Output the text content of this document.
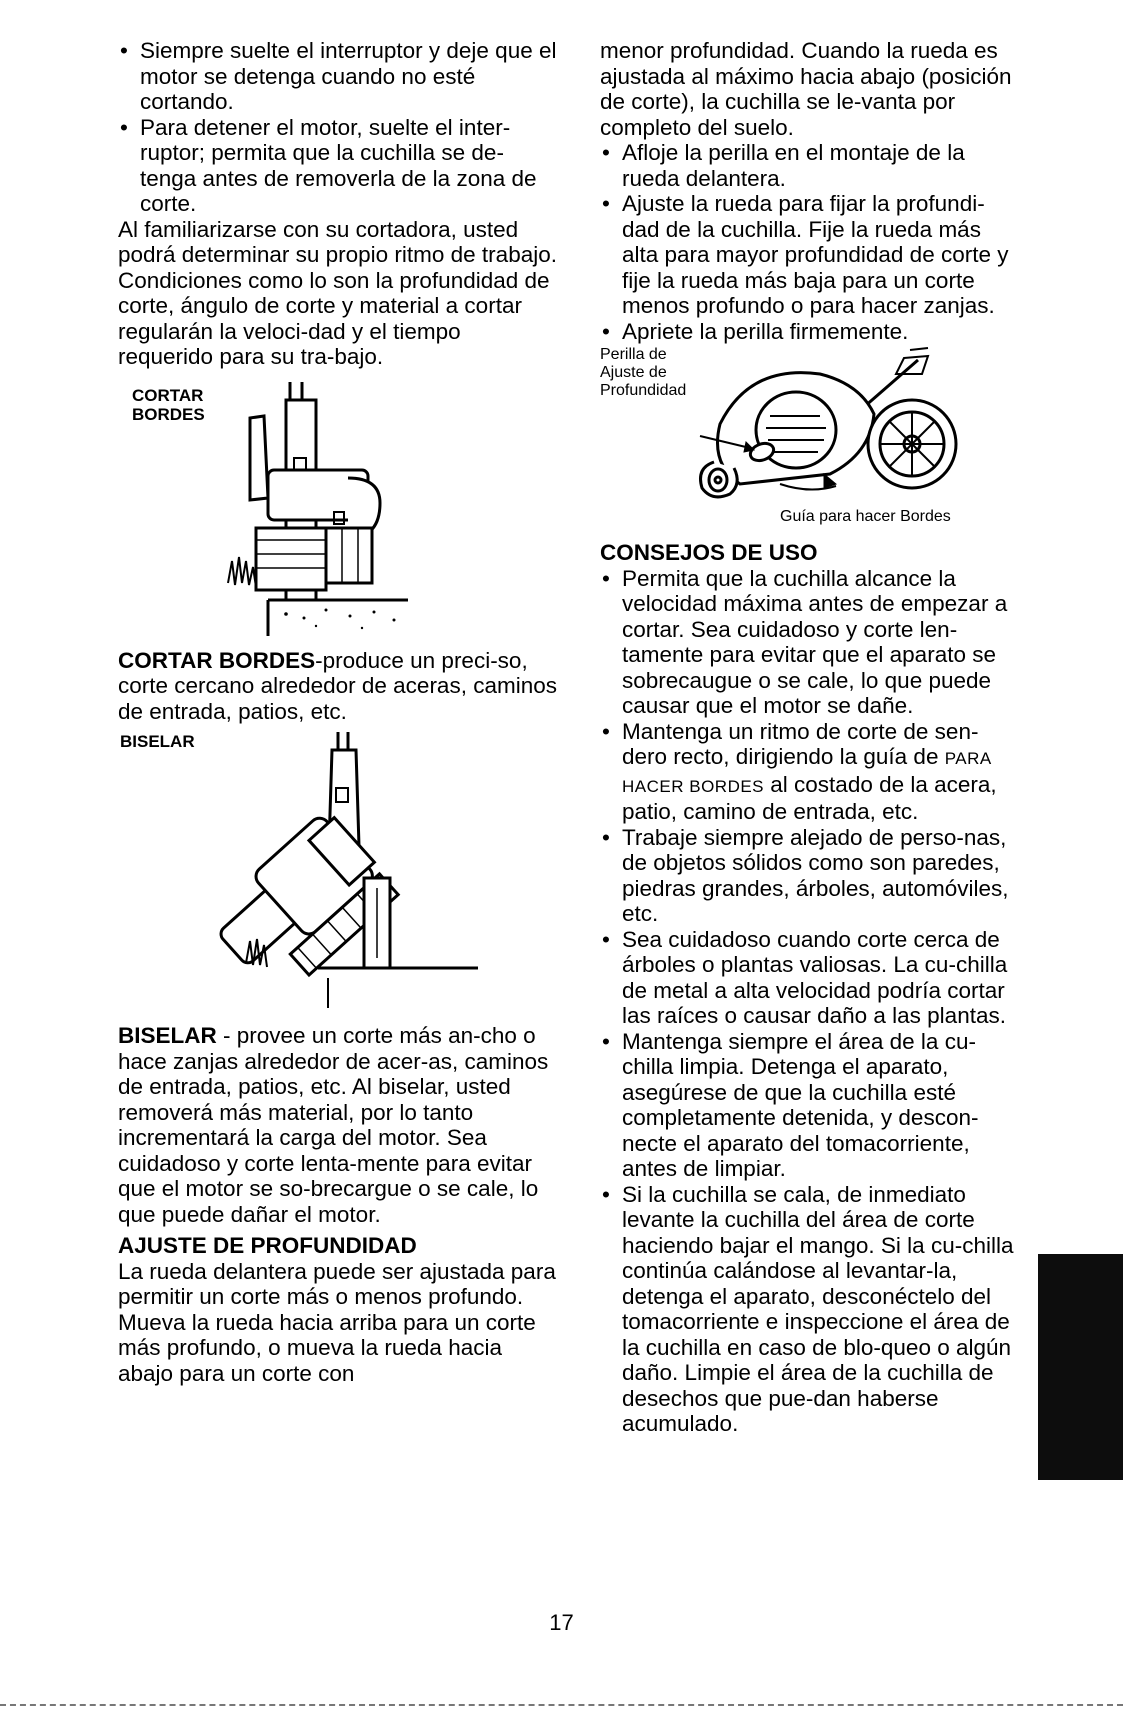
• Siempre suelte el interruptor y deje que el motor se detenga cuando no esté cortando.
• Para detener el motor, suelte el inter-ruptor; permita que la cuchilla se de-tenga antes de removerla de la zona de corte.

Al familiarizarse con su cortadora, usted podrá determinar su propio ritmo de trabajo. Condiciones como lo son la profundidad de corte, ángulo de corte y material a cortar regularán la veloci-dad y el tiempo requerido para su tra-bajo.

CORTAR
BORDES

CORTAR BORDES-produce un preci-so, corte cercano alrededor de aceras, caminos de entrada, patios, etc.

BISELAR

BISELAR - provee un corte más an-cho o hace zanjas alrededor de acer-as, caminos de entrada, patios, etc. Al biselar, usted removerá más material, por lo tanto incrementará la carga del motor. Sea cuidadoso y corte lenta-mente para evitar que el motor se so-brecargue o se cale, lo que puede dañar el motor.

AJUSTE DE PROFUNDIDAD

La rueda delantera puede ser ajustada para permitir un corte más o menos profundo. Mueva la rueda hacia arriba para un corte más profundo, o mueva la rueda hacia abajo para un corte con

menor profundidad. Cuando la rueda es ajustada al máximo hacia abajo (posición de corte), la cuchilla se le-vanta por completo del suelo.

• Afloje la perilla en el montaje de la rueda delantera.
• Ajuste la rueda para fijar la profundi-dad de la cuchilla. Fije la rueda más alta para mayor profundidad de corte y fije la rueda más baja para un corte menos profundo o para hacer zanjas.
• Apriete la perilla firmemente.
Perilla de
Ajuste de
Profundidad
Guía para hacer Bordes

CONSEJOS DE USO

• Permita que la cuchilla alcance la velocidad máxima antes de empezar a cortar. Sea cuidadoso y corte len-tamente para evitar que el aparato se sobrecaugue o se cale, lo que puede causar que el motor se dañe.
• Mantenga un ritmo de corte de sen-dero recto, dirigiendo la guía de PARA HACER BORDES al costado de la acera, patio, camino de entrada, etc.
• Trabaje siempre alejado de perso-nas, de objetos sólidos como son paredes, piedras grandes, árboles, automóviles, etc.
• Sea cuidadoso cuando corte cerca de árboles o plantas valiosas. La cu-chilla de metal a alta velocidad podría cortar las raíces o causar daño a las plantas.
• Mantenga siempre el área de la cu-chilla limpia. Detenga el aparato, asegúrese de que la cuchilla esté completamente detenida, y descon-necte el aparato del tomacorriente, antes de limpiar.
• Si la cuchilla se cala, de inmediato levante la cuchilla del área de corte haciendo bajar el mango. Si la cu-chilla continúa calándose al levantar-la, detenga el aparato, desconéctelo del tomacorriente e inspeccione el área de la cuchilla en caso de blo-queo o algún daño. Limpie el área de la cuchilla de desechos que pue-dan haberse acumulado.
17
